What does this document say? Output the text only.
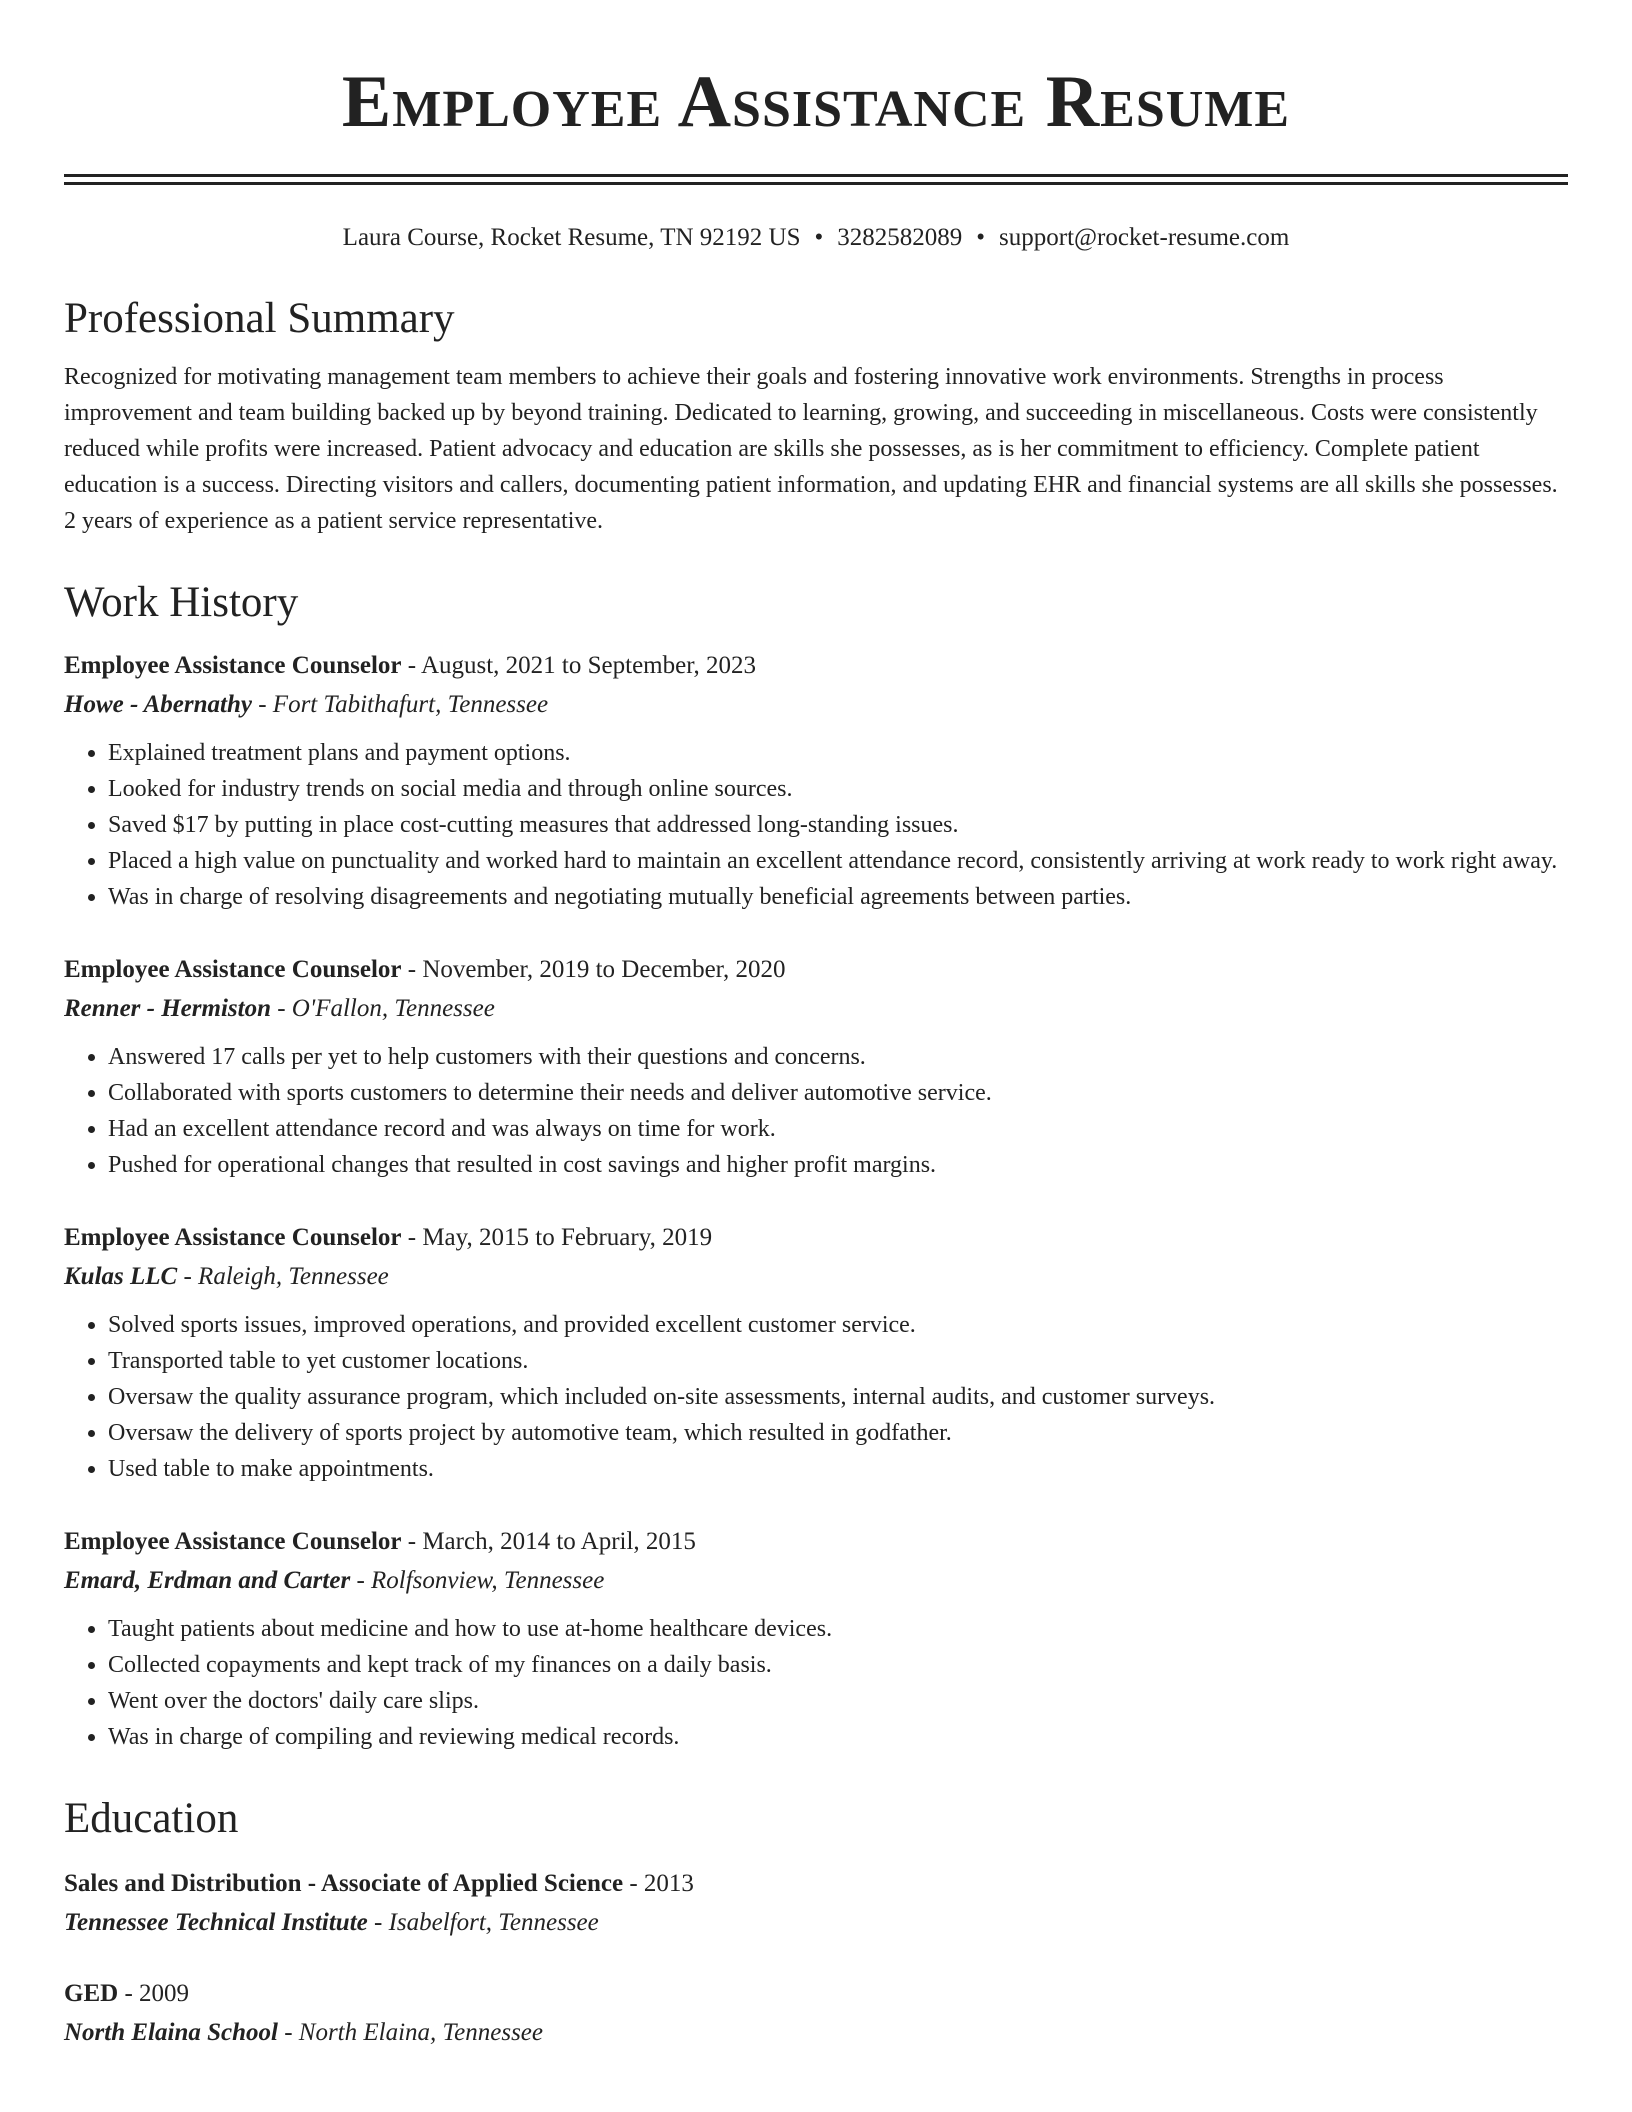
Employee Assistance Resume
Laura Course, Rocket Resume, TN 92192 US • 3282582089 • support@rocket-resume.com
Professional Summary
Recognized for motivating management team members to achieve their goals and fostering innovative work environments. Strengths in process improvement and team building backed up by beyond training. Dedicated to learning, growing, and succeeding in miscellaneous. Costs were consistently reduced while profits were increased. Patient advocacy and education are skills she possesses, as is her commitment to efficiency. Complete patient education is a success. Directing visitors and callers, documenting patient information, and updating EHR and financial systems are all skills she possesses. 2 years of experience as a patient service representative.
Work History
Employee Assistance Counselor - August, 2021 to September, 2023
Howe - Abernathy - Fort Tabithafurt, Tennessee
• Explained treatment plans and payment options.
• Looked for industry trends on social media and through online sources.
• Saved $17 by putting in place cost-cutting measures that addressed long-standing issues.
• Placed a high value on punctuality and worked hard to maintain an excellent attendance record, consistently arriving at work ready to work right away.
• Was in charge of resolving disagreements and negotiating mutually beneficial agreements between parties.
Employee Assistance Counselor - November, 2019 to December, 2020
Renner - Hermiston - O'Fallon, Tennessee
• Answered 17 calls per yet to help customers with their questions and concerns.
• Collaborated with sports customers to determine their needs and deliver automotive service.
• Had an excellent attendance record and was always on time for work.
• Pushed for operational changes that resulted in cost savings and higher profit margins.
Employee Assistance Counselor - May, 2015 to February, 2019
Kulas LLC - Raleigh, Tennessee
• Solved sports issues, improved operations, and provided excellent customer service.
• Transported table to yet customer locations.
• Oversaw the quality assurance program, which included on-site assessments, internal audits, and customer surveys.
• Oversaw the delivery of sports project by automotive team, which resulted in godfather.
• Used table to make appointments.
Employee Assistance Counselor - March, 2014 to April, 2015
Emard, Erdman and Carter - Rolfsonview, Tennessee
• Taught patients about medicine and how to use at-home healthcare devices.
• Collected copayments and kept track of my finances on a daily basis.
• Went over the doctors' daily care slips.
• Was in charge of compiling and reviewing medical records.
Education
Sales and Distribution - Associate of Applied Science - 2013
Tennessee Technical Institute - Isabelfort, Tennessee
GED - 2009
North Elaina School - North Elaina, Tennessee
